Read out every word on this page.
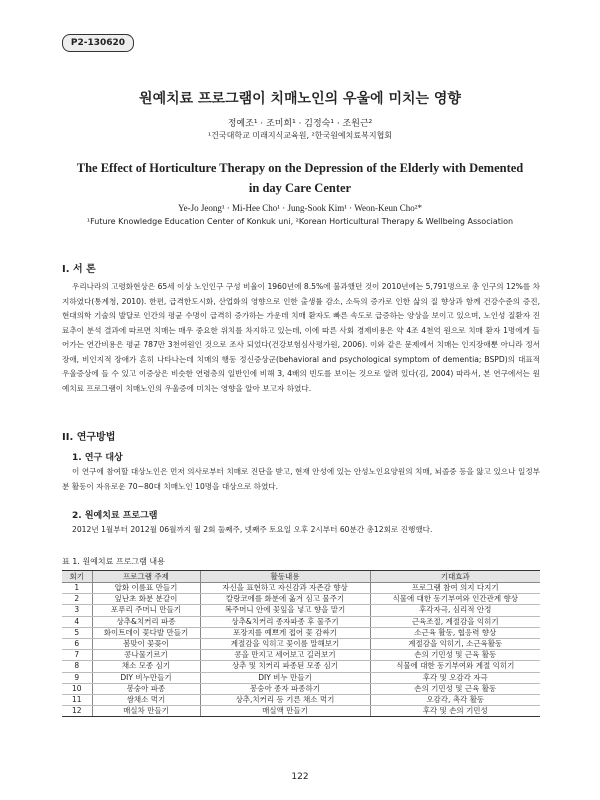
P2-130620
원예치료 프로그램이 치매노인의 우울에 미치는 영향
정예조¹ · 조미희¹ · 김정숙¹ · 조원근²
¹건국대학교 미래지식교육원, ²한국원예치료복지협회
The Effect of Horticulture Therapy on the Depression of the Elderly with Demented in day Care Center
Ye-Jo Jeong¹ · Mi-Hee Cho¹ · Jung-Sook Kim¹ · Weon-Keun Cho²*
¹Future Knowledge Education Center of Konkuk uni, ²Korean Horticultural Therapy & Wellbeing Association
I. 서 론

우리나라의 고령화현상은 65세 이상 노인인구 구성 비율이 1960년에 8.5%에 불과했던 것이 2010년에는 5,791명으로 총 인구의 12%를 차지하였다(통계청, 2010). 한편, 급격한도시화, 산업화의 영향으로 인한 출생률 감소, 소득의 증가로 인한 삶의 질 향상과 함께 건강수준의 증진, 현대의학 기술의 발달로 인간의 평균 수명이 급격히 증가하는 가운데 치매 환자도 빠른 속도로 급증하는 양상을 보이고 있으며, 노인성 질환자 진료추이 분석 결과에 따르면 치매는 매우 중요한 위치를 차지하고 있는데, 이에 따른 사회 경제비용은 약 4조 4천억 원으로 치매 환자 1명에게 들어가는 연간비용은 평균 787만 3천여원인 것으로 조사 되었다(건강보험심사평가원, 2006). 이와 같은 문제에서 치매는 인지장애뿐 아니라 정서장애, 비인지적 장애가 흔히 나타나는데 치매의 행동 정신증상군(behavioral and psychological symptom of dementia; BSPD)의 대표적 우울증상에 들 수 있고 이증상은 비슷한 연령층의 일반인에 비해 3, 4배의 빈도를 보이는 것으로 알려 있다(김, 2004) 따라서, 본 연구에서는 원예치료 프로그램이 치매노인의 우울증에 미치는 영향을 알아 보고자 하였다.

II. 연구방법
1. 연구 대상

이 연구에 참여할 대상노인은 먼저 의사로부터 치매로 진단을 받고, 현재 안성에 있는 안성노인요양원의 치매, 뇌졸중 등을 앓고 있으나 일정부분 활동이 자유로운 70~80대 치매노인 10명을 대상으로 하였다.

2. 원예치료 프로그램

2012년 1월부터 2012월 06월까지 월 2회 둘째주, 넷째주 토요일 오후 2시부터 60분간 총12회로 진행했다.

표 1. 원예치료 프로그램 내용
회기	프로그램 주제	활동내용	기대효과
1	압화 이름표 만들기	자신을 표현하고 자신감과 자존감 향상	프로그램 참여 의지 다지기
2	잎난초 화분 분갈이	칼랑코에를 화분에 옮겨 심고 물주기	식물에 대한 동기부여와 인간관계 향상
3	포푸리 주머니 만들기	복주머니 안에 꽃잎을 넣고 향을 맡기	후각자극, 심리적 안정
4	상추&치커리 파종	상추&치커리 종자파종 후 물주기	근육조절, 계절감을 익히기
5	화이트데이 꽃다발 만들기	포장지를 예쁘게 접어 꽃 감싸기	소근육 활동, 협응력 향상
6	봄맞이 꽃꽂이	계절감을 익히고 꽃이름 말해보기	계절감을 익히기, 소근육활동
7	콩나물기르기	콩을 만지고 세어보고 길러보기	손의 기민성 및 근육 활동
8	채소 모종 심기	상추 및 치커리 파종된 모종 심기	식물에 대한 동기부여와 계절 익히기
9	DIY 비누만들기	DIY 비누 만들기	후각 및 오감각 자극
10	봉숭아 파종	봉숭아 종자 파종하기	손의 기민성 및 근육 활동
11	쌈채소 먹기	상추,치커리 등 기른 채소 먹기	오감각, 촉각 활동
12	매실차 만들기	매실액 만들기	후각 및 손의 기민성
122
